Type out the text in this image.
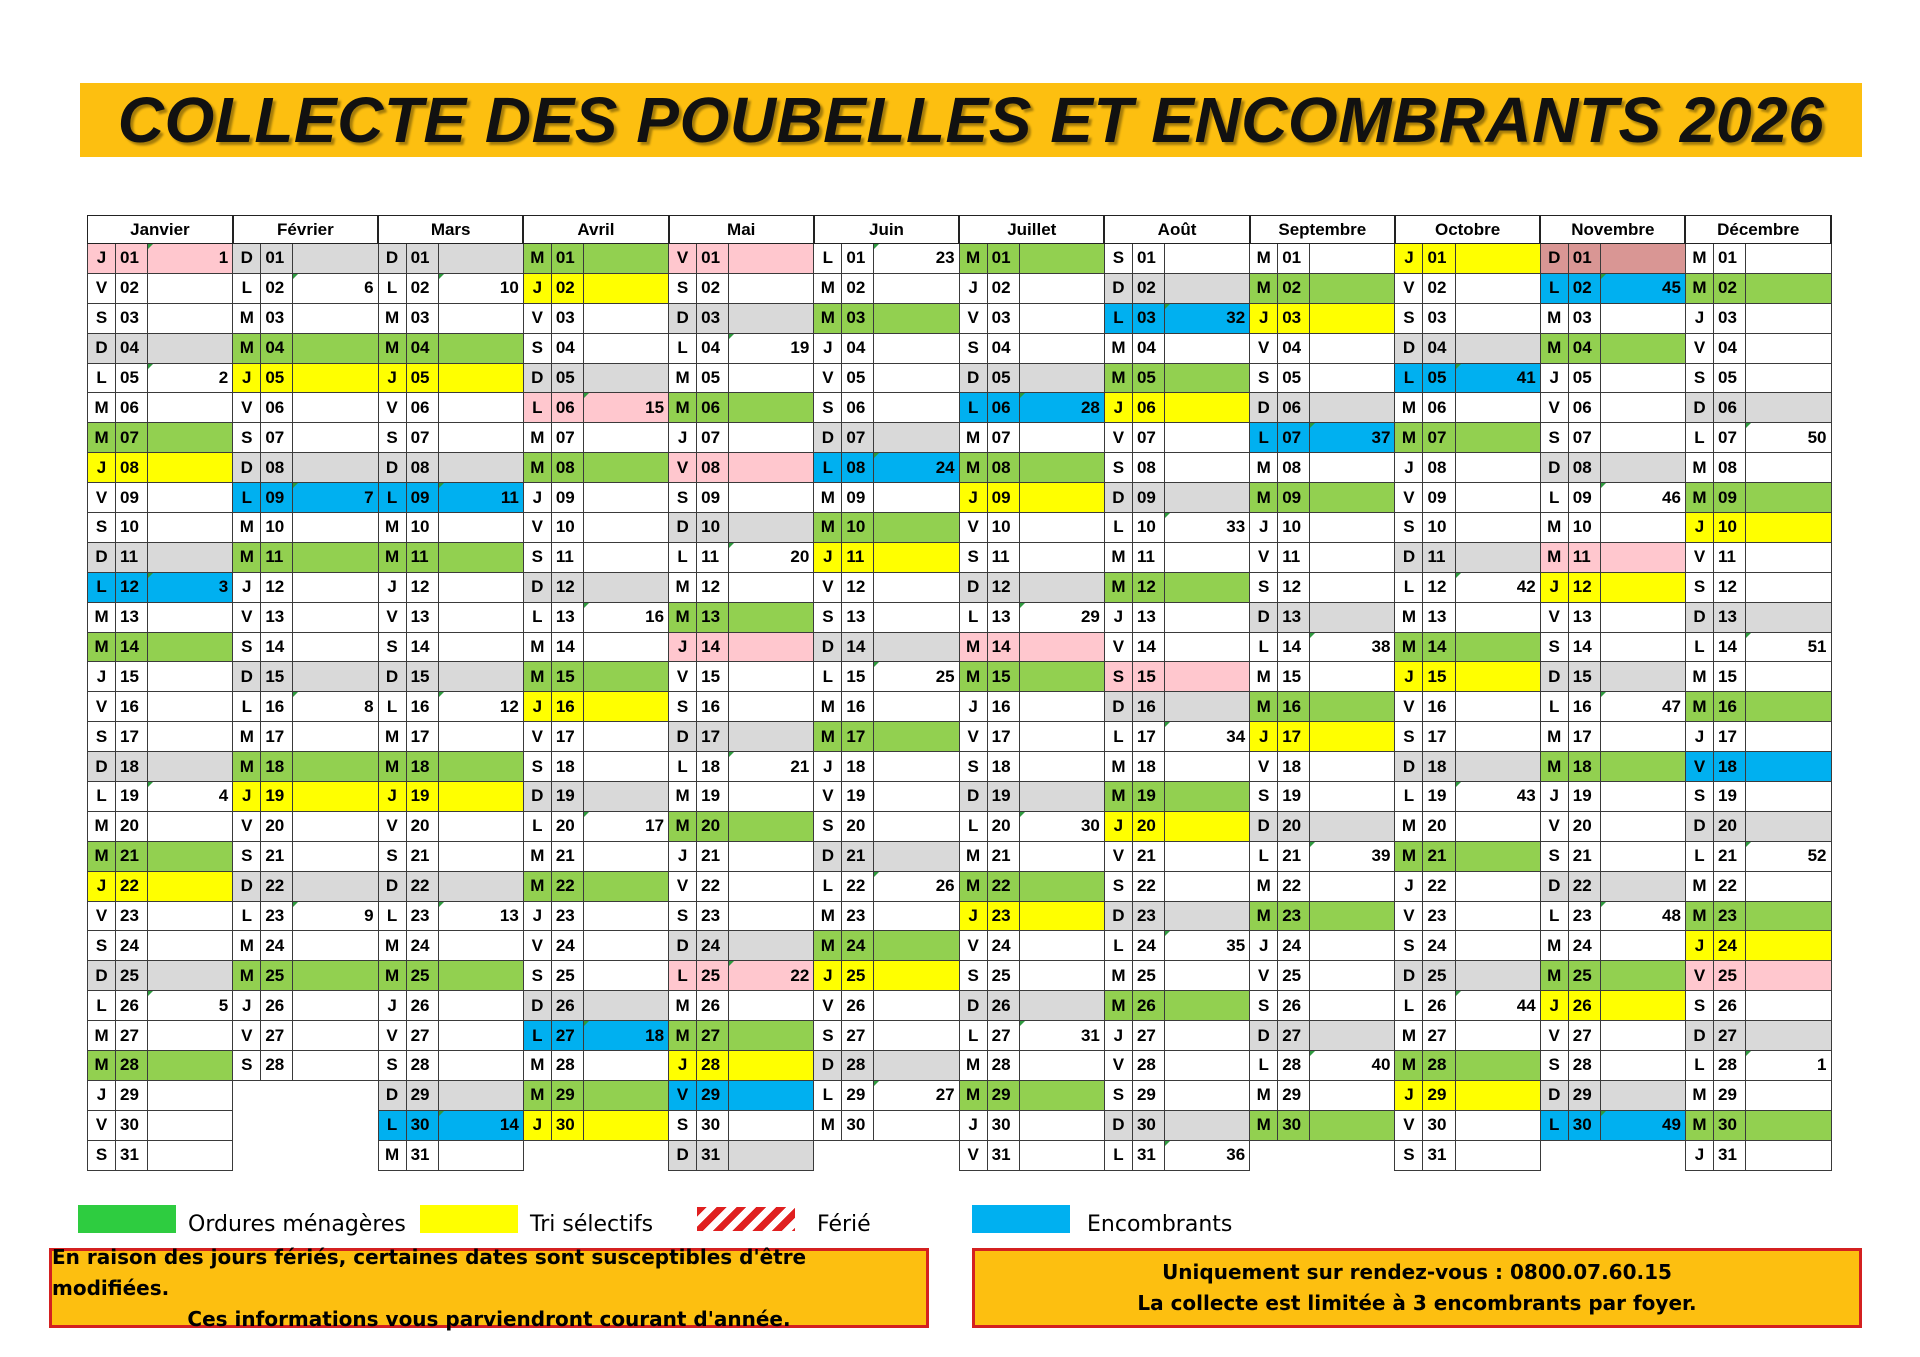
COLLECTE DES POUBELLES ET ENCOMBRANTS 2026
Janvier			Février			Mars			Avril			Mai			Juin			Juillet			Août			Septembre			Octobre			Novembre			Décembre		
J	01	1	D	01		D	01		M	01		V	01		L	01	23	M	01		S	01		M	01		J	01		D	01		M	01	
V	02		L	02	6	L	02	10	J	02		S	02		M	02		J	02		D	02		M	02		V	02		L	02	45	M	02	
S	03		M	03		M	03		V	03		D	03		M	03		V	03		L	03	32	J	03		S	03		M	03		J	03	
D	04		M	04		M	04		S	04		L	04	19	J	04		S	04		M	04		V	04		D	04		M	04		V	04	
L	05	2	J	05		J	05		D	05		M	05		V	05		D	05		M	05		S	05		L	05	41	J	05		S	05	
M	06		V	06		V	06		L	06	15	M	06		S	06		L	06	28	J	06		D	06		M	06		V	06		D	06	
M	07		S	07		S	07		M	07		J	07		D	07		M	07		V	07		L	07	37	M	07		S	07		L	07	50
J	08		D	08		D	08		M	08		V	08		L	08	24	M	08		S	08		M	08		J	08		D	08		M	08	
V	09		L	09	7	L	09	11	J	09		S	09		M	09		J	09		D	09		M	09		V	09		L	09	46	M	09	
S	10		M	10		M	10		V	10		D	10		M	10		V	10		L	10	33	J	10		S	10		M	10		J	10	
D	11		M	11		M	11		S	11		L	11	20	J	11		S	11		M	11		V	11		D	11		M	11		V	11	
L	12	3	J	12		J	12		D	12		M	12		V	12		D	12		M	12		S	12		L	12	42	J	12		S	12	
M	13		V	13		V	13		L	13	16	M	13		S	13		L	13	29	J	13		D	13		M	13		V	13		D	13	
M	14		S	14		S	14		M	14		J	14		D	14		M	14		V	14		L	14	38	M	14		S	14		L	14	51
J	15		D	15		D	15		M	15		V	15		L	15	25	M	15		S	15		M	15		J	15		D	15		M	15	
V	16		L	16	8	L	16	12	J	16		S	16		M	16		J	16		D	16		M	16		V	16		L	16	47	M	16	
S	17		M	17		M	17		V	17		D	17		M	17		V	17		L	17	34	J	17		S	17		M	17		J	17	
D	18		M	18		M	18		S	18		L	18	21	J	18		S	18		M	18		V	18		D	18		M	18		V	18	
L	19	4	J	19		J	19		D	19		M	19		V	19		D	19		M	19		S	19		L	19	43	J	19		S	19	
M	20		V	20		V	20		L	20	17	M	20		S	20		L	20	30	J	20		D	20		M	20		V	20		D	20	
M	21		S	21		S	21		M	21		J	21		D	21		M	21		V	21		L	21	39	M	21		S	21		L	21	52
J	22		D	22		D	22		M	22		V	22		L	22	26	M	22		S	22		M	22		J	22		D	22		M	22	
V	23		L	23	9	L	23	13	J	23		S	23		M	23		J	23		D	23		M	23		V	23		L	23	48	M	23	
S	24		M	24		M	24		V	24		D	24		M	24		V	24		L	24	35	J	24		S	24		M	24		J	24	
D	25		M	25		M	25		S	25		L	25	22	J	25		S	25		M	25		V	25		D	25		M	25		V	25	
L	26	5	J	26		J	26		D	26		M	26		V	26		D	26		M	26		S	26		L	26	44	J	26		S	26	
M	27		V	27		V	27		L	27	18	M	27		S	27		L	27	31	J	27		D	27		M	27		V	27		D	27	
M	28		S	28		S	28		M	28		J	28		D	28		M	28		V	28		L	28	40	M	28		S	28		L	28	1
J	29					D	29		M	29		V	29		L	29	27	M	29		S	29		M	29		J	29		D	29		M	29	
V	30					L	30	14	J	30		S	30		M	30		J	30		D	30		M	30		V	30		L	30	49	M	30	
S	31					M	31					D	31					V	31		L	31	36				S	31					J	31	
Ordures ménagères	Tri sélectifs	Férié	Encombrants
En raison des jours fériés, certaines dates sont susceptibles d'être modifiées.
Ces informations vous parviendront courant d'année.
Uniquement sur rendez-vous : 0800.07.60.15
La collecte est limitée à 3 encombrants par foyer.
